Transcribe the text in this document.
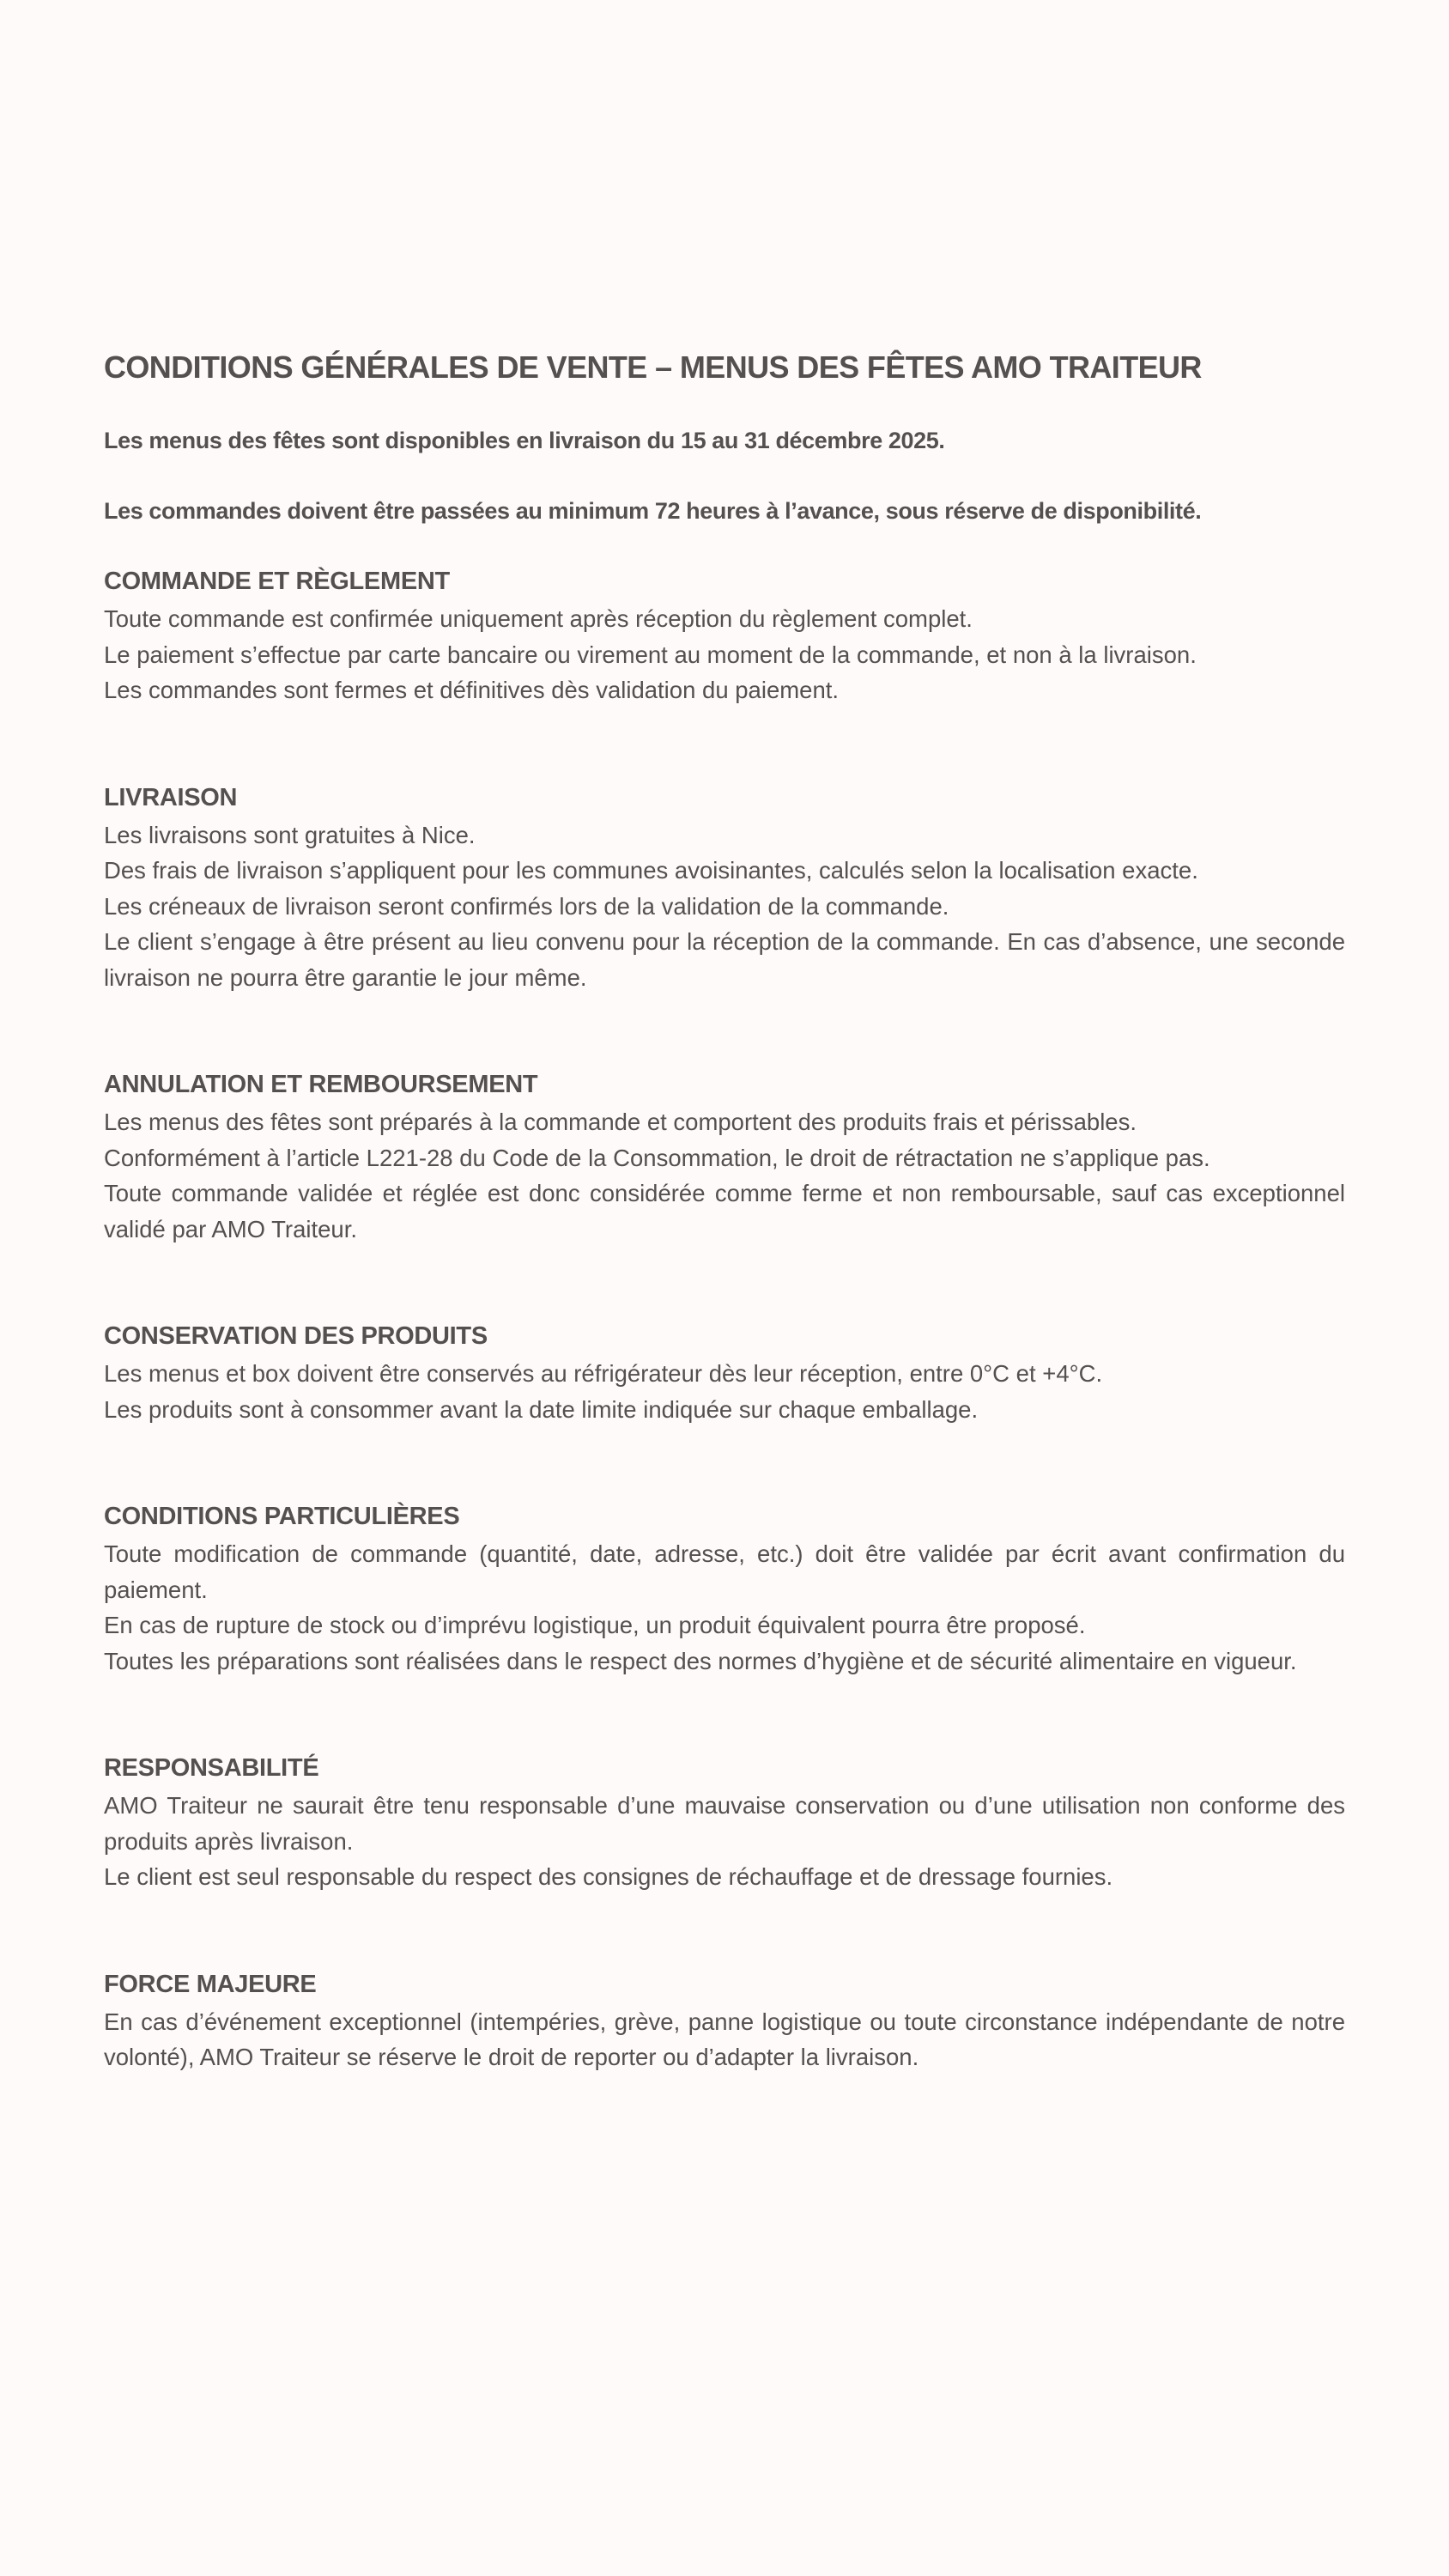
CONDITIONS GÉNÉRALES DE VENTE – MENUS DES FÊTES AMO TRAITEUR

Les menus des fêtes sont disponibles en livraison du 15 au 31 décembre 2025.

Les commandes doivent être passées au minimum 72 heures à l’avance, sous réserve de disponibilité.

COMMANDE ET RÈGLEMENT

Toute commande est confirmée uniquement après réception du règlement complet.

Le paiement s’effectue par carte bancaire ou virement au moment de la commande, et non à la livraison.

Les commandes sont fermes et définitives dès validation du paiement.

LIVRAISON

Les livraisons sont gratuites à Nice.

Des frais de livraison s’appliquent pour les communes avoisinantes, calculés selon la localisation exacte.

Les créneaux de livraison seront confirmés lors de la validation de la commande.

Le client s’engage à être présent au lieu convenu pour la réception de la commande. En cas d’absence, une seconde livraison ne pourra être garantie le jour même.

ANNULATION ET REMBOURSEMENT

Les menus des fêtes sont préparés à la commande et comportent des produits frais et périssables.

Conformément à l’article L221-28 du Code de la Consommation, le droit de rétractation ne s’applique pas.

Toute commande validée et réglée est donc considérée comme ferme et non remboursable, sauf cas exceptionnel validé par AMO Traiteur.

CONSERVATION DES PRODUITS

Les menus et box doivent être conservés au réfrigérateur dès leur réception, entre 0°C et +4°C.

Les produits sont à consommer avant la date limite indiquée sur chaque emballage.

CONDITIONS PARTICULIÈRES

Toute modification de commande (quantité, date, adresse, etc.) doit être validée par écrit avant confirmation du paiement.

En cas de rupture de stock ou d’imprévu logistique, un produit équivalent pourra être proposé.

Toutes les préparations sont réalisées dans le respect des normes d’hygiène et de sécurité alimentaire en vigueur.

RESPONSABILITÉ

AMO Traiteur ne saurait être tenu responsable d’une mauvaise conservation ou d’une utilisation non conforme des produits après livraison.

Le client est seul responsable du respect des consignes de réchauffage et de dressage fournies.

FORCE MAJEURE

En cas d’événement exceptionnel (intempéries, grève, panne logistique ou toute circonstance indépendante de notre volonté), AMO Traiteur se réserve le droit de reporter ou d’adapter la livraison.
